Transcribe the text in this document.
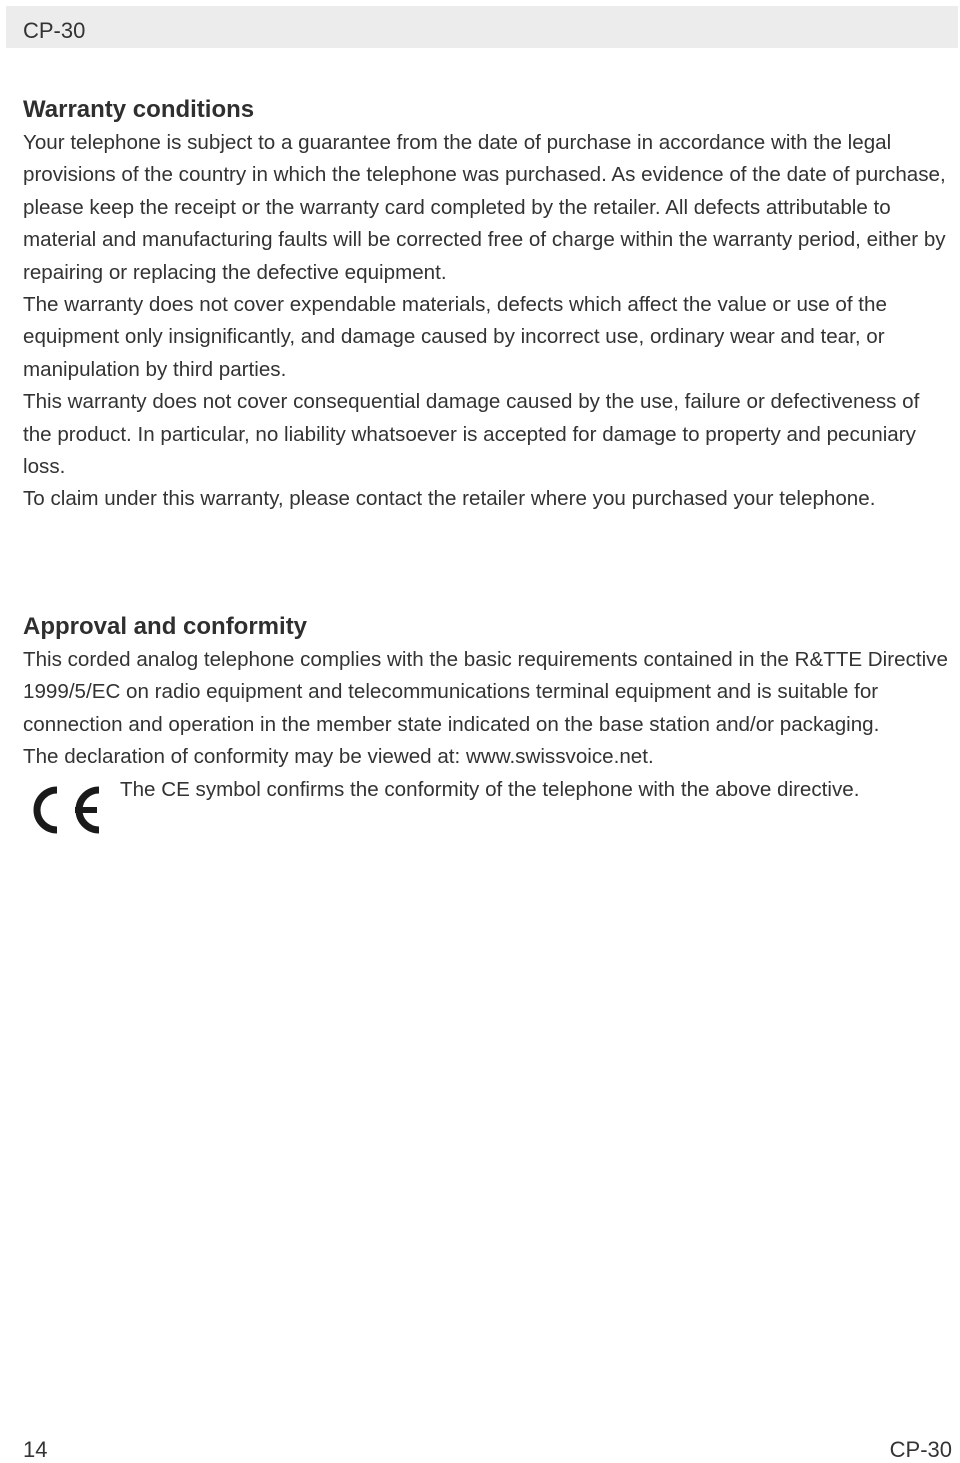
CP-30
Warranty conditions

Your telephone is subject to a guarantee from the date of purchase in accordance with the legal provisions of the country in which the telephone was purchased. As evidence of the date of purchase, please keep the receipt or the warranty card completed by the retailer. All defects attributable to material and manufacturing faults will be corrected free of charge within the warranty period, either by repairing or replacing the defective equipment.

The warranty does not cover expendable materials, defects which affect the value or use of the equipment only insignificantly, and damage caused by incorrect use, ordinary wear and tear, or manipulation by third parties.

This warranty does not cover consequential damage caused by the use, failure or defectiveness of the product. In particular, no liability whatsoever is accepted for damage to property and pecuniary loss.

To claim under this warranty, please contact the retailer where you purchased your telephone.

Approval and conformity

This corded analog telephone complies with the basic requirements contained in the R&TTE Directive 1999/5/EC on radio equipment and telecommunications terminal equipment and is suitable for connection and operation in the member state indicated on the base station and/or packaging.

The declaration of conformity may be viewed at: www.swissvoice.net.

The CE symbol confirms the conformity of the telephone with the above directive.
14	CP-30
